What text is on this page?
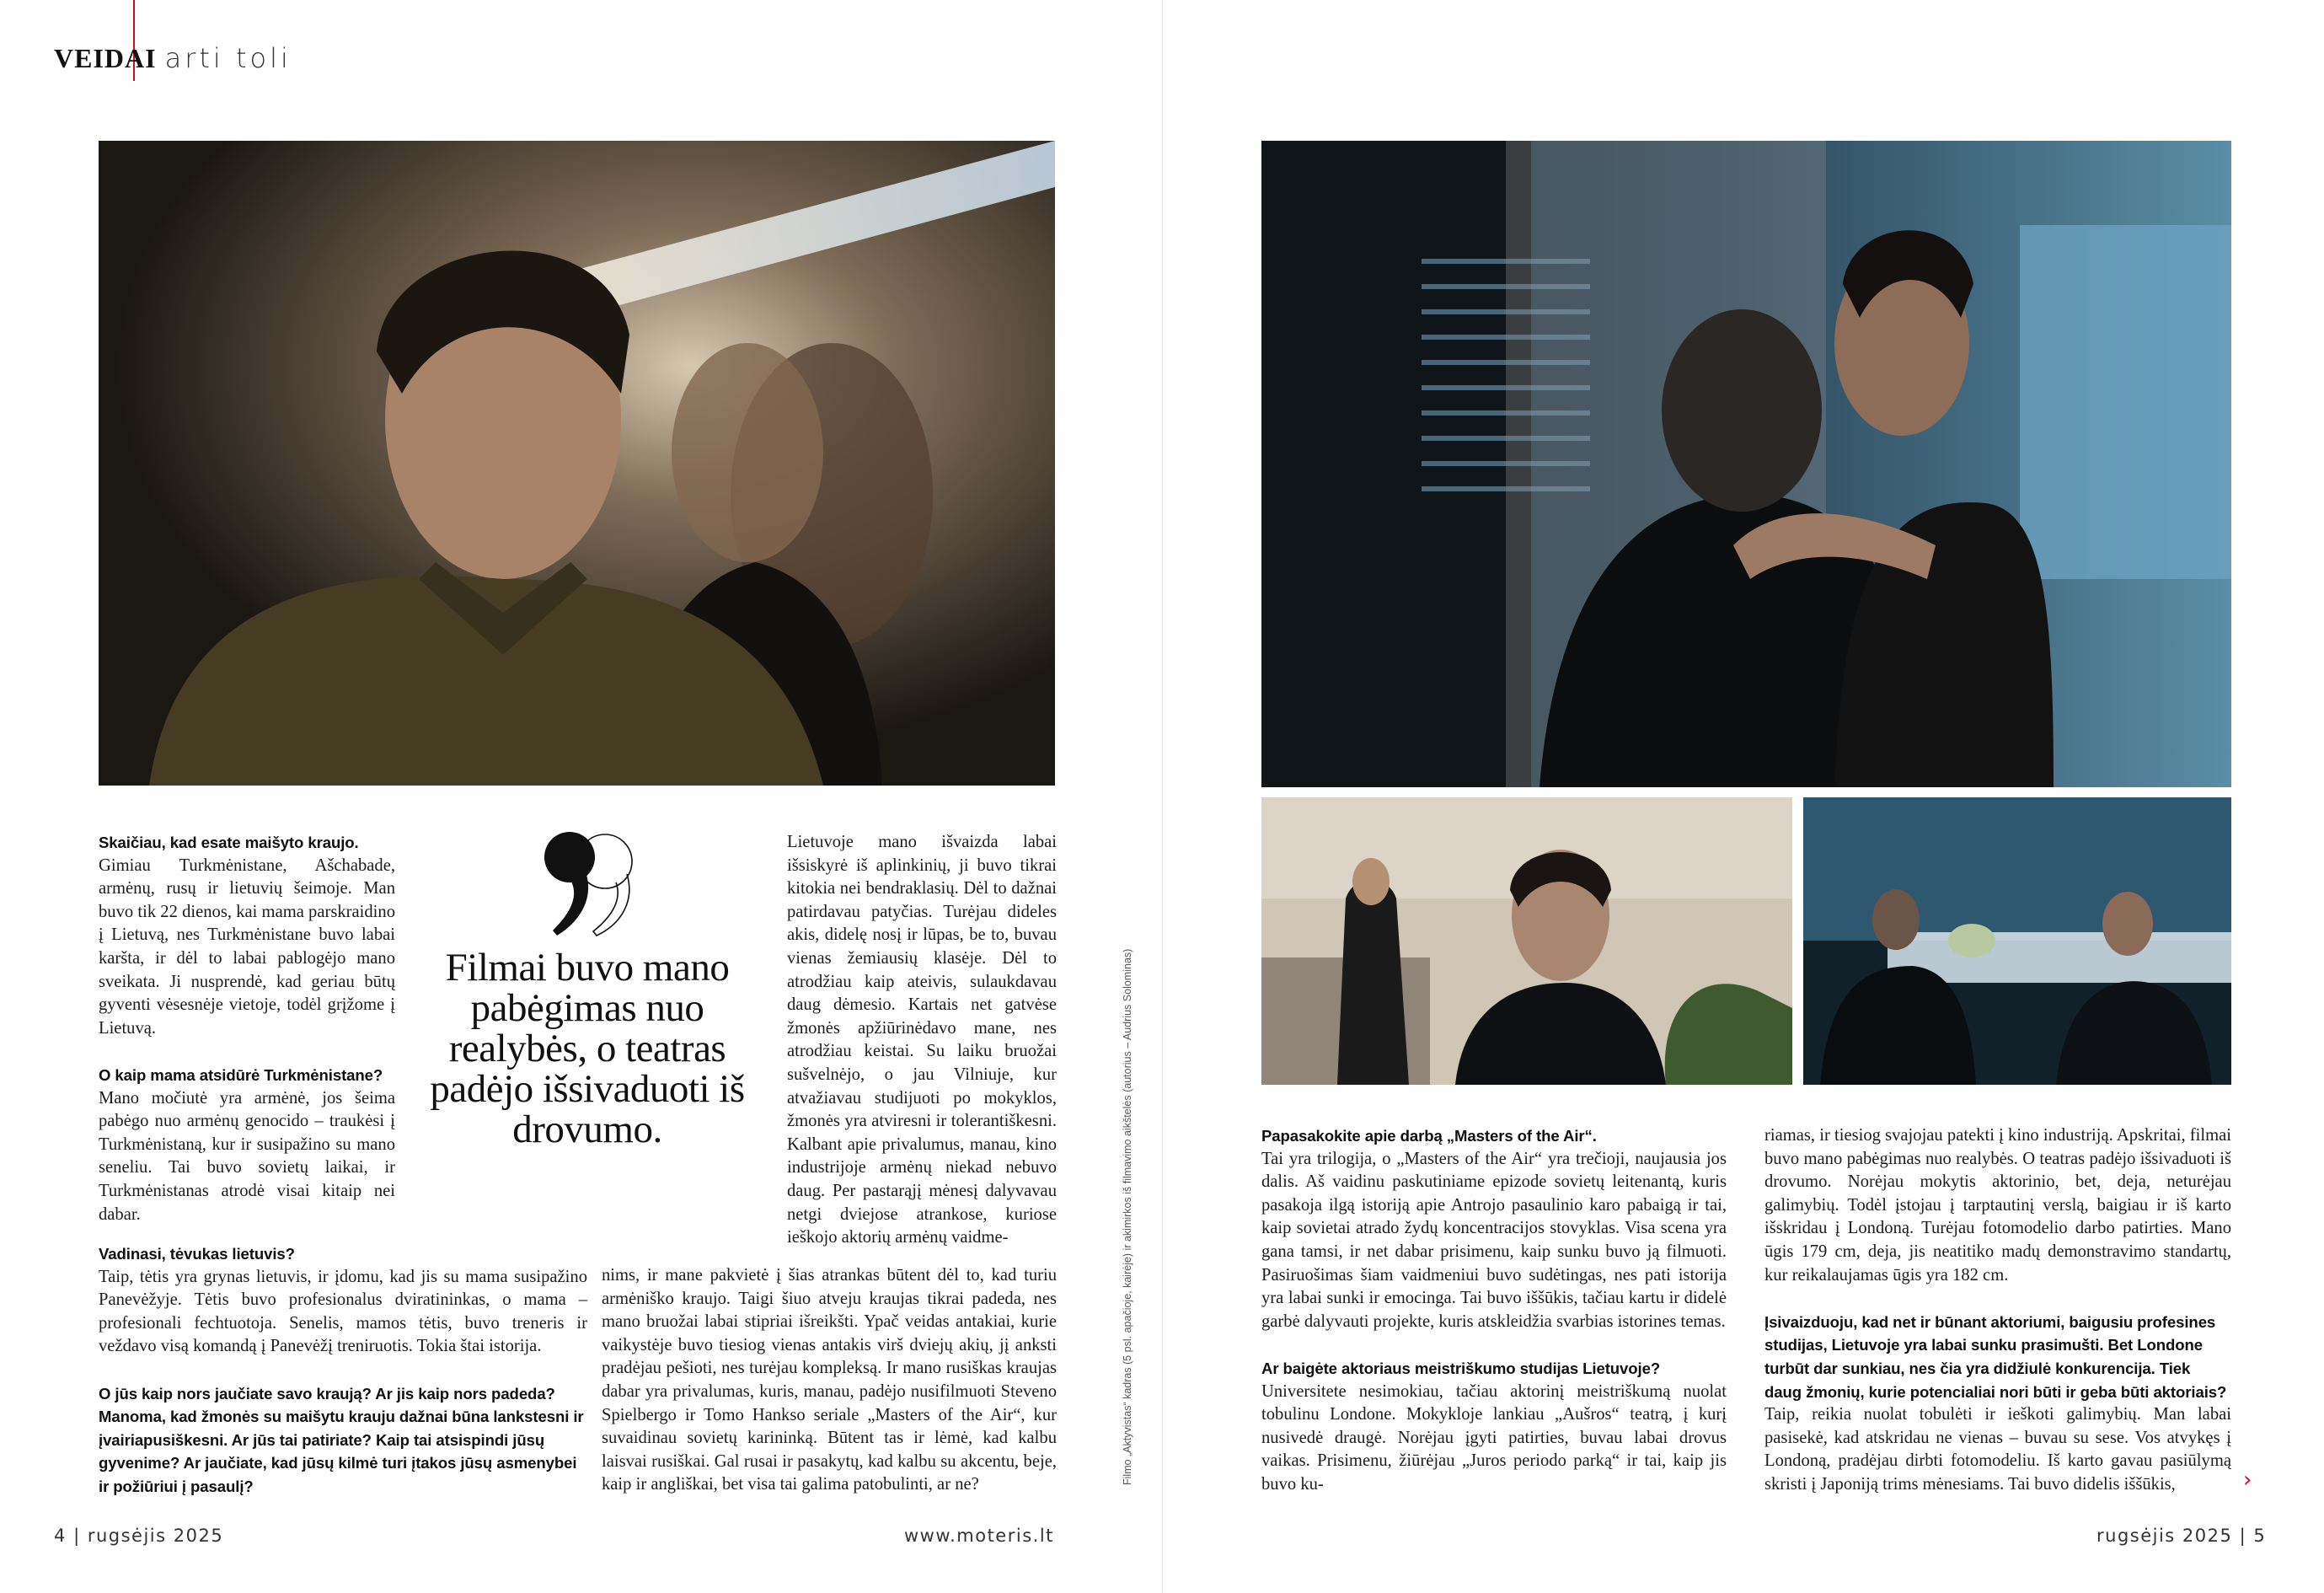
VEIDAI arti toli

Skaičiau, kad esate maišyto kraujo.
Gimiau Turkmėnistane, Ašchabade, armėnų, rusų ir lietuvių šeimoje. Man buvo tik 22 dienos, kai mama parskraidino į Lietuvą, nes Turkmėnistane buvo labai karšta, ir dėl to labai pablogėjo mano sveikata. Ji nusprendė, kad geriau būtų gyventi vėsesnėje vietoje, todėl grįžome į Lietuvą.

O kaip mama atsidūrė Turkmėnistane?
Mano močiutė yra armėnė, jos šeima pabėgo nuo armėnų genocido – traukėsi į Turkmėnistaną, kur ir susipažino su mano seneliu. Tai buvo sovietų laikai, ir Turkmėnistanas atrodė visai kitaip nei dabar.

Vadinasi, tėvukas lietuvis?
Taip, tėtis yra grynas lietuvis, ir įdomu, kad jis su mama susipažino Panevėžyje. Tėtis buvo profesionalus dviratininkas, o mama – profesionali fechtuotoja. Senelis, mamos tėtis, buvo treneris ir veždavo visą komandą į Panevėžį treniruotis. Tokia štai istorija.

O jūs kaip nors jaučiate savo kraują? Ar jis kaip nors padeda? Manoma, kad žmonės su maišytu krauju dažnai būna lankstesni ir įvairiapusiškesni. Ar jūs tai patiriate? Kaip tai atsispindi jūsų gyvenime? Ar jaučiate, kad jūsų kilmė turi įtakos jūsų asmenybei ir požiūriui į pasaulį?

Filmai buvo mano pabėgimas nuo realybės, o teatras padėjo išsivaduoti iš drovumo.
Lietuvoje mano išvaizda labai išsiskyrė iš aplinkinių, ji buvo tikrai kitokia nei bendraklasių. Dėl to dažnai patirdavau patyčias. Turėjau dideles akis, didelę nosį ir lūpas, be to, buvau vienas žemiausių klasėje. Dėl to atrodžiau kaip ateivis, sulaukdavau daug dėmesio. Kartais net gatvėse žmonės apžiūrinėdavo mane, nes atrodžiau keistai. Su laiku bruožai sušvelnėjo, o jau Vilniuje, kur atvažiavau studijuoti po mokyklos, žmonės yra atviresni ir tolerantiškesni. Kalbant apie privalumus, manau, kino industrijoje armėnų niekad nebuvo daug. Per pastarąjį mėnesį dalyvavau netgi dviejose atrankose, kuriose ieškojo aktorių armėnų vaidme-
nims, ir mane pakvietė į šias atrankas būtent dėl to, kad turiu armėniško kraujo. Taigi šiuo atveju kraujas tikrai padeda, nes mano bruožai labai stipriai išreikšti. Ypač veidas antakiai, kurie vaikystėje buvo tiesiog vienas antakis virš dviejų akių, jį anksti pradėjau pešioti, nes turėjau kompleksą. Ir mano rusiškas kraujas dabar yra privalumas, kuris, manau, padėjo nusifilmuoti Steveno Spielbergo ir Tomo Hankso seriale „Masters of the Air“, kur suvaidinau sovietų karininką. Būtent tas ir lėmė, kad kalbu laisvai rusiškai. Gal rusai ir pasakytų, kad kalbu su akcentu, beje, kaip ir angliškai, bet visa tai galima patobulinti, ar ne?	Filmo „Aktyvistas“ kadras (5 psl. apačioje, kairėje) ir akimirkos iš filmavimo aikštelės (autorius – Audrius Solominas)	Papasakokite apie darbą „Masters of the Air“.
Tai yra trilogija, o „Masters of the Air“ yra trečioji, naujausia jos dalis. Aš vaidinu paskutiniame epizode sovietų leitenantą, kuris pasakoja ilgą istoriją apie Antrojo pasaulinio karo pabaigą ir tai, kaip sovietai atrado žydų koncentracijos stovyklas. Visa scena yra gana tamsi, ir net dabar prisimenu, kaip sunku buvo ją filmuoti. Pasiruošimas šiam vaidmeniui buvo sudėtingas, nes pati istorija yra labai sunki ir emocinga. Tai buvo iššūkis, tačiau kartu ir didelė garbė dalyvauti projekte, kuris atskleidžia svarbias istorines temas.

Ar baigėte aktoriaus meistriškumo studijas Lietuvoje?
Universitete nesimokiau, tačiau aktorinį meistriškumą nuolat tobulinu Londone. Mokykloje lankiau „Aušros“ teatrą, į kurį nusivedė draugė. Norėjau įgyti patirties, buvau labai drovus vaikas. Prisimenu, žiūrėjau „Juros periodo parką“ ir tai, kaip jis buvo ku-

riamas, ir tiesiog svajojau patekti į kino industriją. Apskritai, filmai buvo mano pabėgimas nuo realybės. O teatras padėjo išsivaduoti iš drovumo. Norėjau mokytis aktorinio, bet, deja, neturėjau galimybių. Todėl įstojau į tarptautinį verslą, baigiau ir iš karto išskridau į Londoną. Turėjau fotomodelio darbo patirties. Mano ūgis 179 cm, deja, jis neatitiko madų demonstravimo standartų, kur reikalaujamas ūgis yra 182 cm.

Įsivaizduoju, kad net ir būnant aktoriumi, baigusiu profesines studijas, Lietuvoje yra labai sunku prasimušti. Bet Londone turbūt dar sunkiau, nes čia yra didžiulė konkurencija. Tiek daug žmonių, kurie potencialiai nori būti ir geba būti aktoriais?
Taip, reikia nuolat tobulėti ir ieškoti galimybių. Man labai pasisekė, kad atskridau ne vienas – buvau su sese. Vos atvykęs į Londoną, pradėjau dirbti fotomodeliu. Iš karto gavau pasiūlymą skristi į Japoniją trims mėnesiams. Tai buvo didelis iššūkis,	›
4 | rugsėjis 2025	www.moteris.lt	rugsėjis 2025 | 5
